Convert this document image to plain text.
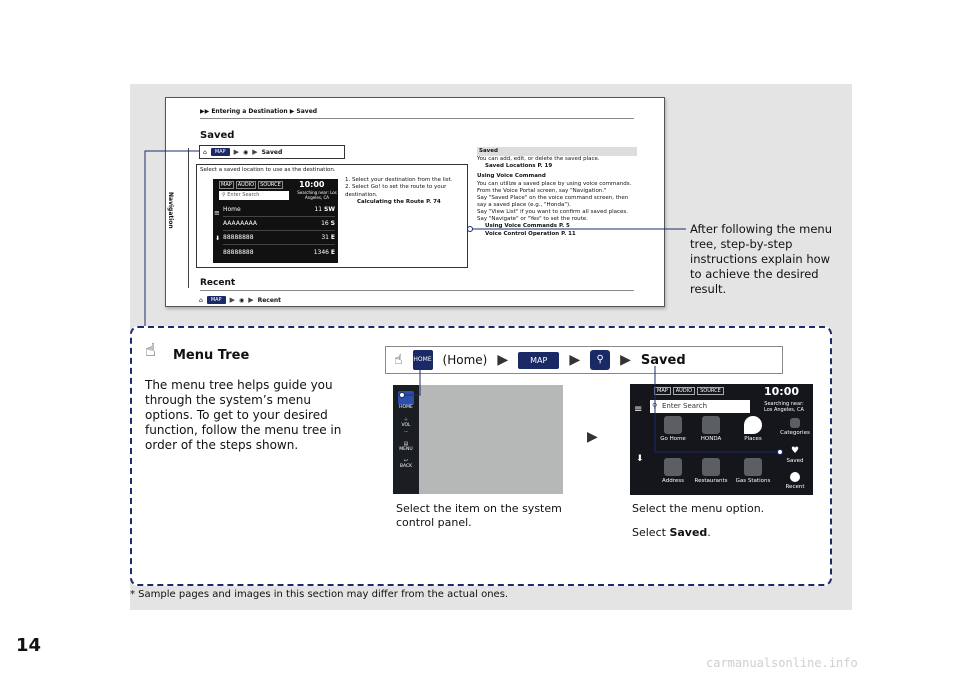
▶▶ Entering a Destination ▶ Saved
Saved
Navigation
⌂	MAP	▶ ◉ ▶ Saved
Select a saved location to use as the destination.
MAP	AUDIO	SOURCE 10:00
Searching near: Los Angeles, CA
⚲ Enter Search
≡ Home	11 SW
AAAAAAAA	16 S
88888888	31 E
88888888	1346 E
⬇
1. Select your destination from the list.
2. Select Go! to set the route to your destination.
Calculating the Route P. 74
Saved
You can add, edit, or delete the saved place.
Saved Locations P. 19
Using Voice Command
You can utilize a saved place by using voice commands.
From the Voice Portal screen, say "Navigation."
Say "Saved Place" on the voice command screen, then say a saved place (e.g., "Honda").
Say "View List" if you want to confirm all saved places.
Say "Navigate" or "Yes" to set the route.
Using Voice Commands P. 5
Voice Control Operation P. 11
Recent
⌂	MAP	▶ ◉ ▶ Recent
After following the menu tree, step-by-step instructions explain how to achieve the desired result.
☝ Menu Tree
The menu tree helps guide you through the system’s menu options. To get to your desired function, follow the menu tree in order of the steps shown.
☝ HOME (Home) ▶	MAP	▶	⚲	▶ Saved
HOME
＋
VOL
－
▤
MENU
↩
BACK
▶
MAP	AUDIO	SOURCE	10:00
Searching near: Los Angeles, CA
≡ ⚲ Enter Search
⬇
Go Home	HONDA	Places
Categories
♥
Saved
Address	Restaurants	Gas Stations
Recent
Select the item on the system control panel.
Select the menu option.
Select Saved.
* Sample pages and images in this section may differ from the actual ones.
14
carmanualsonline.info
